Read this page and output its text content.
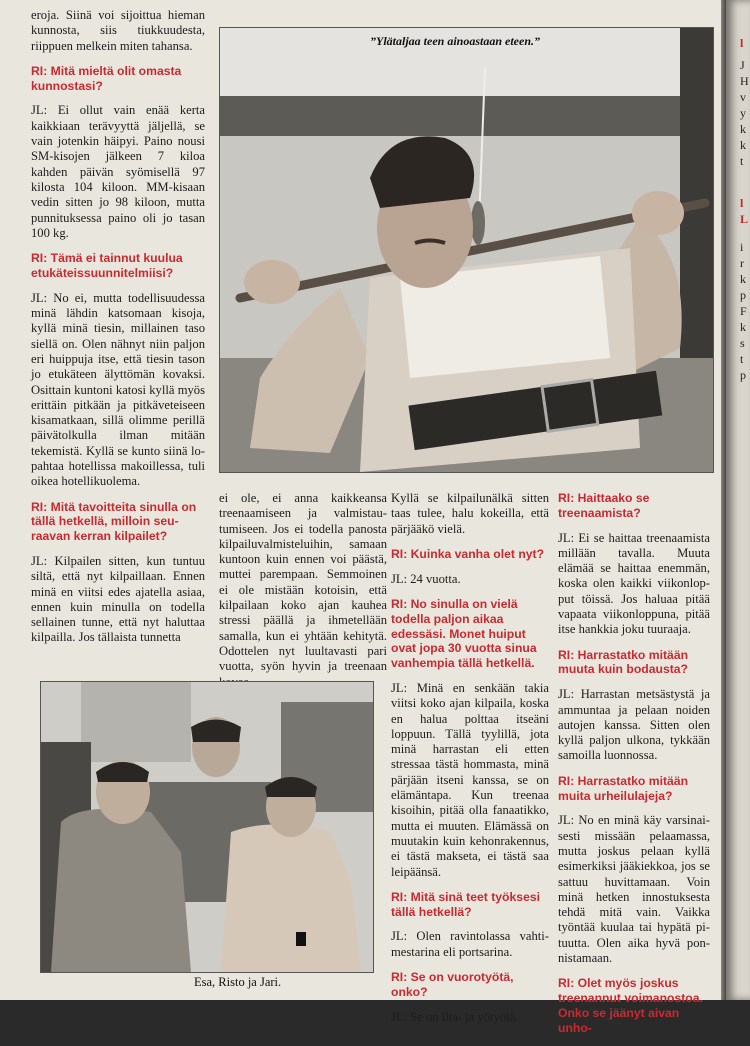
eroja. Siinä voi sijoittua hieman kunnosta, siis tiukkuudesta, riippuen melkein miten tahansa.

RI: Mitä mieltä olit omasta kunnostasi?

JL: Ei ollut vain enää kerta kaikkiaan terävyyttä jäljellä, se vain jotenkin häipyi. Paino nousi SM-kisojen jälkeen 7 kiloa kahden päivän syömisellä 97 kilosta 104 kiloon. MM-kisaan vedin sitten jo 98 kiloon, mutta punnituksessa paino oli jo tasan 100 kg.

RI: Tämä ei tainnut kuulua etukäteissuunnitelmiisi?

JL: No ei, mutta todellisuudessa minä lähdin katsomaan kisoja, kyllä minä tiesin, millainen taso siellä on. Olen nähnyt niin paljon eri huippuja itse, että tiesin tason jo etukäteen älyttömän kovaksi. Osittain kuntoni katosi kyllä myös erittäin pitkään ja pitkäveteiseen kisamatkaan, sillä olimme perillä päivätolkulla ilman mitään tekemistä. Kyllä se kunto siinä lopahtaa hotellissa makoillessa, tuli oikea hotellikuolema.

RI: Mitä tavoitteita sinulla on tällä hetkellä, milloin seuraavan kerran kilpailet?

JL: Kilpailen sitten, kun tuntuu siltä, että nyt kilpaillaan. Ennen minä en viitsi edes ajatella asiaa, ennen kuin minulla on todella sellainen tunne, että nyt haluttaa kilpailla. Jos tällaista tunnetta

”Ylätaljaa teen ainoastaan eteen.”

ei ole, ei anna kaikkeansa treenaamiseen ja valmistautumiseen. Jos ei todella panosta kilpailuvalmisteluihin, samaan kuntoon kuin ennen voi päästä, muttei parempaan. Semmoinen ei ole mistään kotoisin, että kilpailaan koko ajan kauhea stressi päällä ja ihmetellään samalla, kun ei yhtään kehitytä. Odottelen nyt luultavasti pari vuotta, syön hyvin ja treenaan

Kyllä se kilpailunälkä sitten taas tulee, halu kokeilla, että pärjääkö vielä.

RI: Kuinka vanha olet nyt?

JL: 24 vuotta.

RI: No sinulla on vielä todella paljon aikaa edessäsi. Monet huiput ovat jopa 30 vuotta sinua vanhempia tällä hetkellä.

JL: Minä en senkään takia viitsi koko ajan kilpaila, koska en halua polttaa itseäni loppuun. Tällä tyylillä, jota minä harrastan eli etten stressaa tästä hommasta, minä pärjään itseni kanssa, se on elämäntapa. Kun treenaa kisoihin, pitää olla fanaatikko, mutta ei muuten. Elämässä on muutakin kuin kehonrakennus, ei tästä makseta, ei tästä saa leipäänsä.

RI: Mitä sinä teet työksesi tällä hetkellä?

JL: Olen ravintolassa vahtimestarina eli portsarina.

RI: Se on vuorotyötä, onko?

JL: Se on ilta- ja yötyötä.

RI: Haittaako se treenaamista?

JL: Ei se haittaa treenaamista millään tavalla. Muuta elämää se haittaa enemmän, koska olen kaikki viikonlopput töissä. Jos haluaa pitää vapaata viikonloppuna, pitää itse hankkia joku tuuraaja.

RI: Harrastatko mitään muuta kuin bodausta?

JL: Harrastan metsästystä ja ammuntaa ja pelaan noiden autojen kanssa. Sitten olen kyllä paljon ulkona, tykkään samoilla luonnossa.

RI: Harrastatko mitään muita urheilulajeja?

JL: No en minä käy varsinaisesti missään pelaamassa, mutta joskus pelaan kyllä esimerkiksi jääkiekkoa, jos se sattuu huvittamaan. Voin minä hetken innostuksesta tehdä mitä vain. Vaikka työntää kuulaa tai hypätä pituutta. Olen aika hyvä ponnistamaan.

RI: Olet myös joskus treenannut voimanostoa. Onko se jäänyt aivan unho-

Esa, Risto ja Jari.
l
J
H
v
y
k
k
t
l
L
i
r
k
p
F
k
s
t
p
